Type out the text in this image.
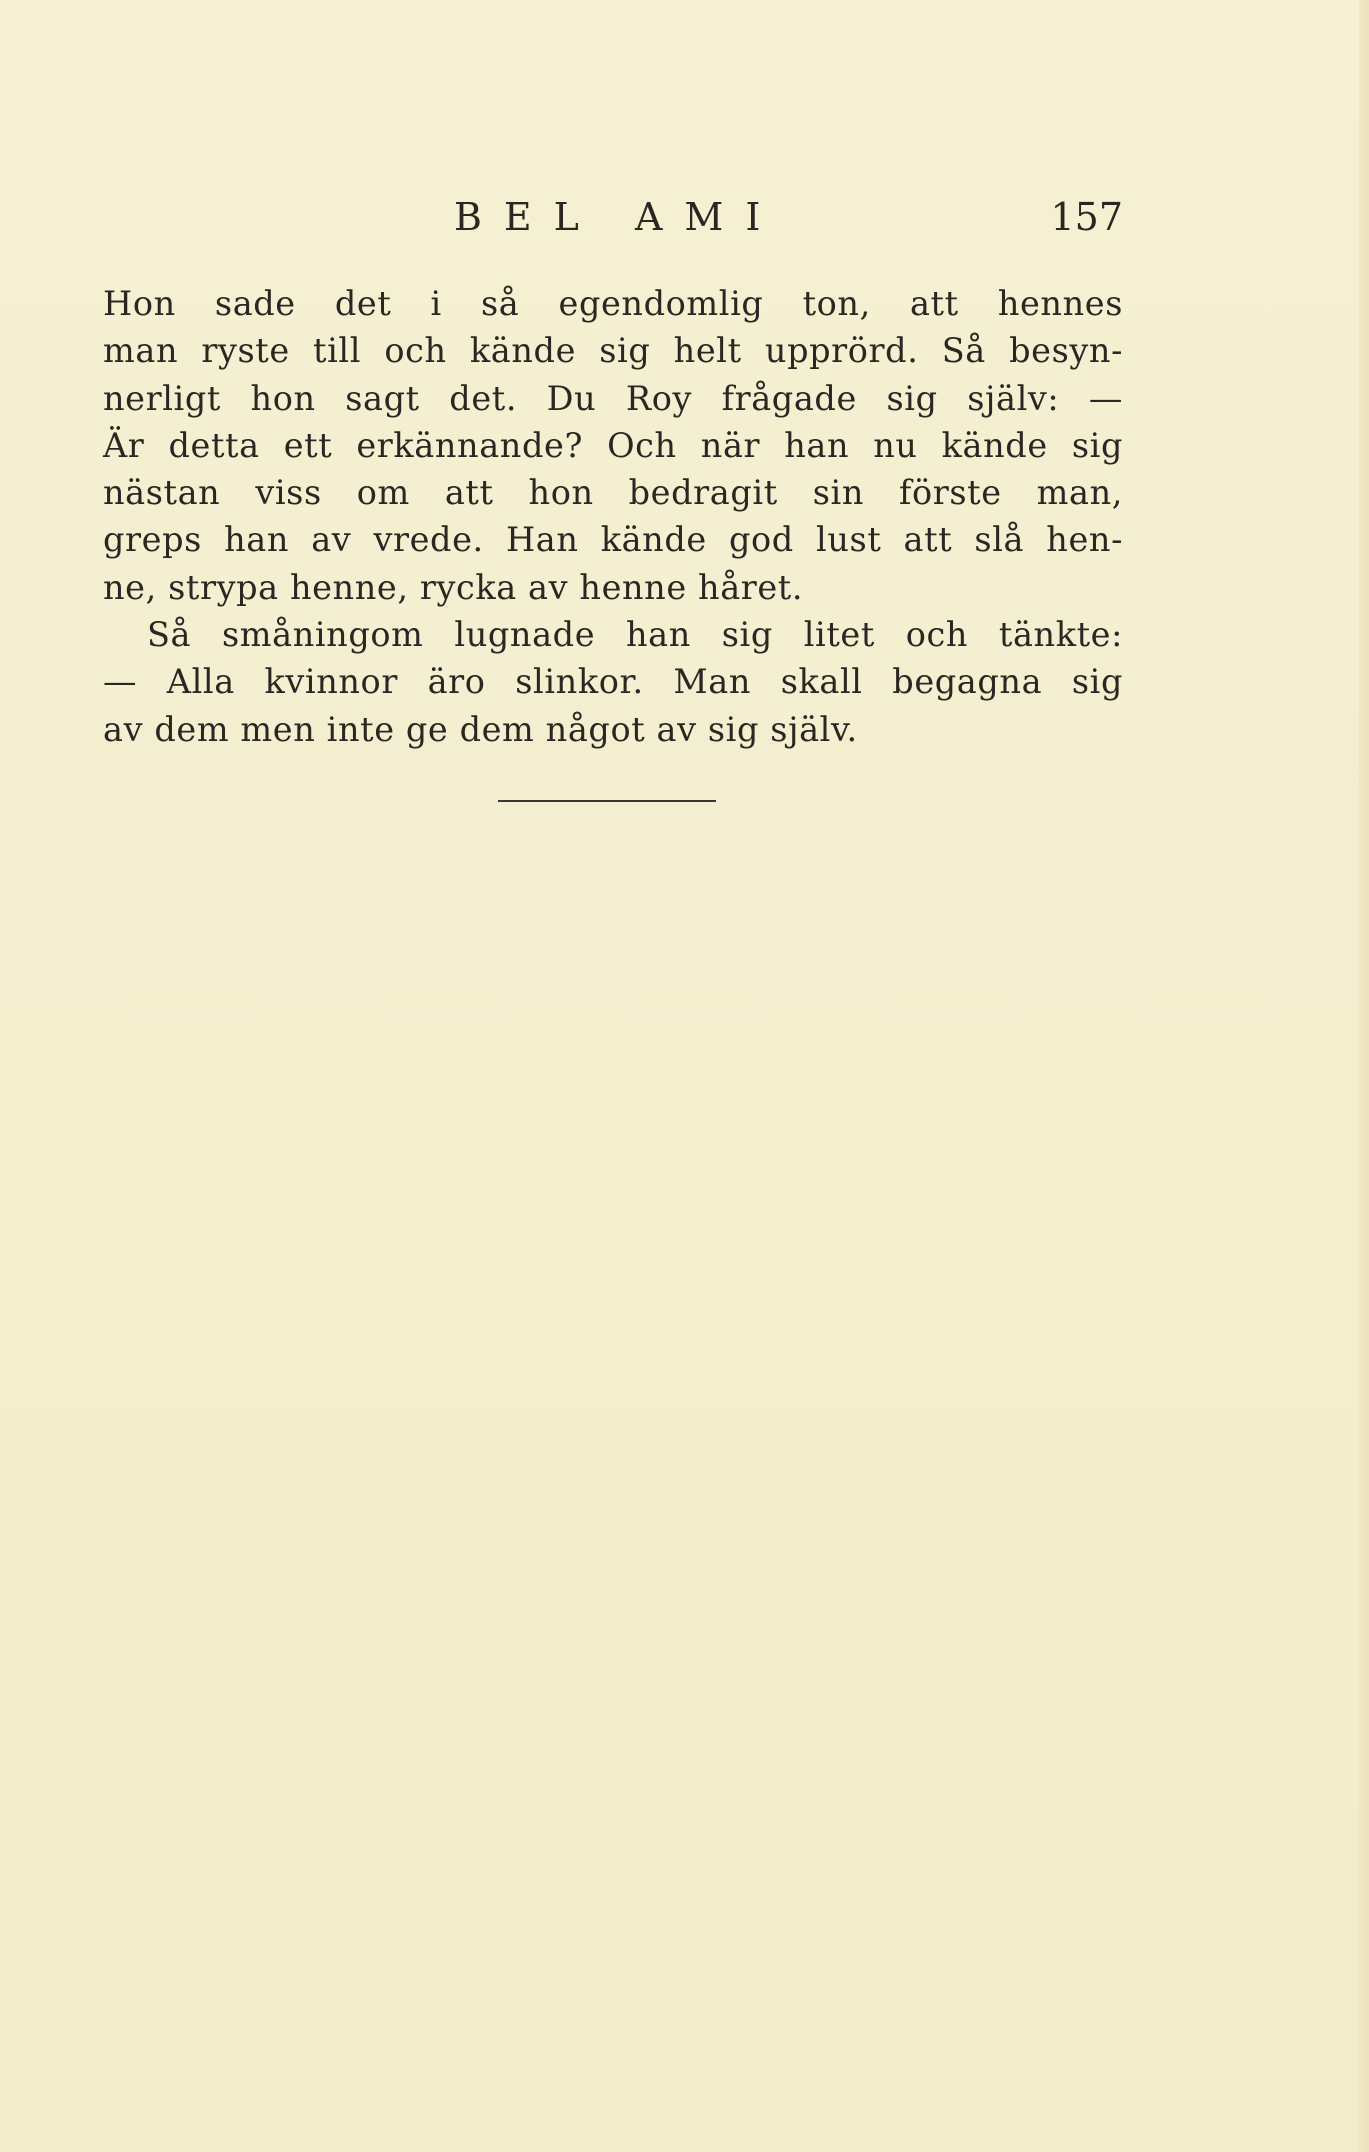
BEL AMI	157
Hon sade det i så egendomlig ton, att hennes
man ryste till och kände sig helt upprörd. Så besyn-
nerligt hon sagt det. Du Roy frågade sig själv: —
Är detta ett erkännande? Och när han nu kände sig
nästan viss om att hon bedragit sin förste man,
greps han av vrede. Han kände god lust att slå hen-
ne, strypa henne, rycka av henne håret.
Så småningom lugnade han sig litet och tänkte:
— Alla kvinnor äro slinkor. Man skall begagna sig
av dem men inte ge dem något av sig själv.
